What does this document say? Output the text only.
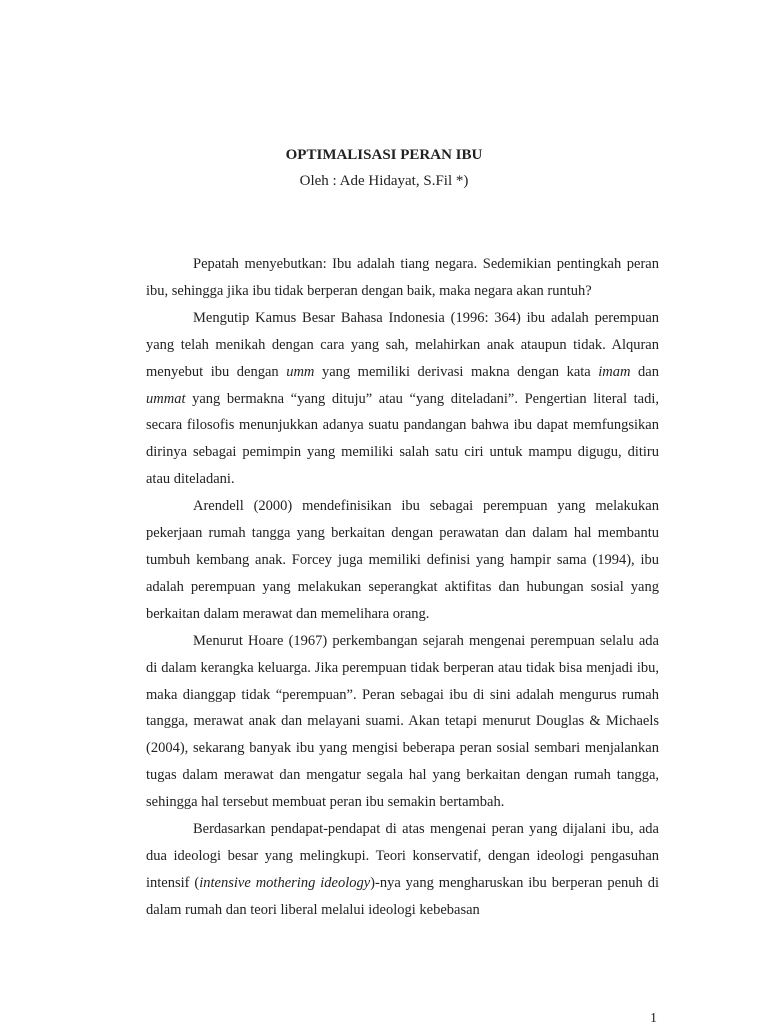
OPTIMALISASI PERAN IBU
Oleh : Ade Hidayat, S.Fil *)

Pepatah menyebutkan: Ibu adalah tiang negara. Sedemikian pentingkah peran ibu, sehingga jika ibu tidak berperan dengan baik, maka negara akan runtuh?

Mengutip Kamus Besar Bahasa Indonesia (1996: 364) ibu adalah perempuan yang telah menikah dengan cara yang sah, melahirkan anak ataupun tidak. Alquran menyebut ibu dengan umm yang memiliki derivasi makna dengan kata imam dan ummat yang bermakna “yang dituju” atau “yang diteladani”. Pengertian literal tadi, secara filosofis menunjukkan adanya suatu pandangan bahwa ibu dapat memfungsikan dirinya sebagai pemimpin yang memiliki salah satu ciri untuk mampu digugu, ditiru atau diteladani.

Arendell (2000) mendefinisikan ibu sebagai perempuan yang melakukan pekerjaan rumah tangga yang berkaitan dengan perawatan dan dalam hal membantu tumbuh kembang anak. Forcey juga memiliki definisi yang hampir sama (1994), ibu adalah perempuan yang melakukan seperangkat aktifitas dan hubungan sosial yang berkaitan dalam merawat dan memelihara orang.

Menurut Hoare (1967) perkembangan sejarah mengenai perempuan selalu ada di dalam kerangka keluarga. Jika perempuan tidak berperan atau tidak bisa menjadi ibu, maka dianggap tidak “perempuan”. Peran sebagai ibu di sini adalah mengurus rumah tangga, merawat anak dan melayani suami. Akan tetapi menurut Douglas & Michaels (2004), sekarang banyak ibu yang mengisi beberapa peran sosial sembari menjalankan tugas dalam merawat dan mengatur segala hal yang berkaitan dengan rumah tangga, sehingga hal tersebut membuat peran ibu semakin bertambah.

Berdasarkan pendapat-pendapat di atas mengenai peran yang dijalani ibu, ada dua ideologi besar yang melingkupi. Teori konservatif, dengan ideologi pengasuhan intensif (intensive mothering ideology)-nya yang mengharuskan ibu berperan penuh di dalam rumah dan teori liberal melalui ideologi kebebasan

1
